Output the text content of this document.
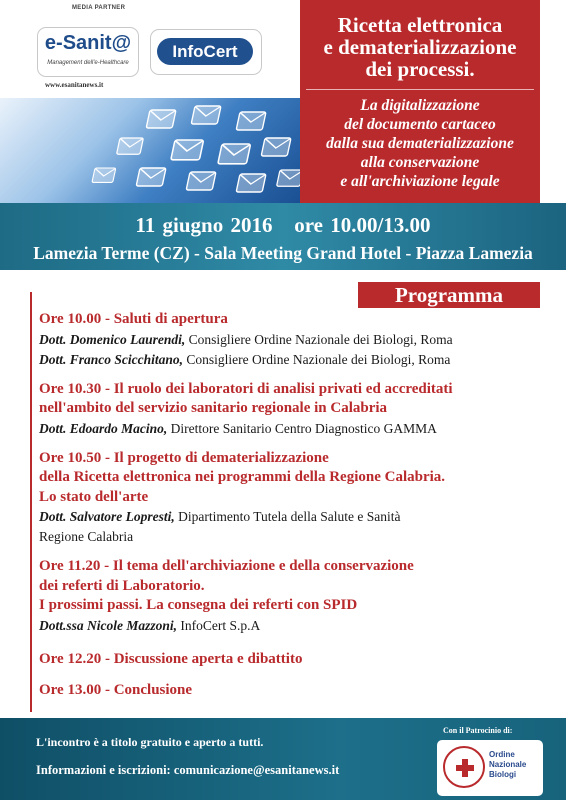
e-Sanit@
Management dell'e-Healthcare
MEDIA PARTNER
www.esanitanews.it
InfoCert
Ricetta elettronica
e dematerializzazione
dei processi.
La digitalizzazione
del documento cartaceo
dalla sua dematerializzazione
alla conservazione
e all'archiviazione legale
11 giugno 2016   ore 10.00/13.00
Lamezia Terme (CZ) - Sala Meeting Grand Hotel - Piazza Lamezia
Programma
Ore 10.00 - Saluti di apertura
Dott. Domenico Laurendi, Consigliere Ordine Nazionale dei Biologi, Roma
Dott. Franco Scicchitano, Consigliere Ordine Nazionale dei Biologi, Roma
Ore 10.30 - Il ruolo dei laboratori di analisi privati ed accreditati
nell'ambito del servizio sanitario regionale in Calabria
Dott. Edoardo Macino, Direttore Sanitario Centro Diagnostico GAMMA
Ore 10.50 - Il progetto di dematerializzazione
della Ricetta elettronica nei programmi della Regione Calabria.
Lo stato dell'arte
Dott. Salvatore Lopresti, Dipartimento Tutela della Salute e Sanità
Regione Calabria
Ore 11.20 - Il tema dell'archiviazione e della conservazione
dei referti di Laboratorio.
I prossimi passi. La consegna dei referti con SPID
Dott.ssa Nicole Mazzoni, InfoCert S.p.A
Ore 12.20 - Discussione aperta e dibattito
Ore 13.00 - Conclusione
L'incontro è a titolo gratuito e aperto a tutti.
Informazioni e iscrizioni: comunicazione@esanitanews.it
Con il Patrocinio di:
Ordine
Nazionale
Biologi
